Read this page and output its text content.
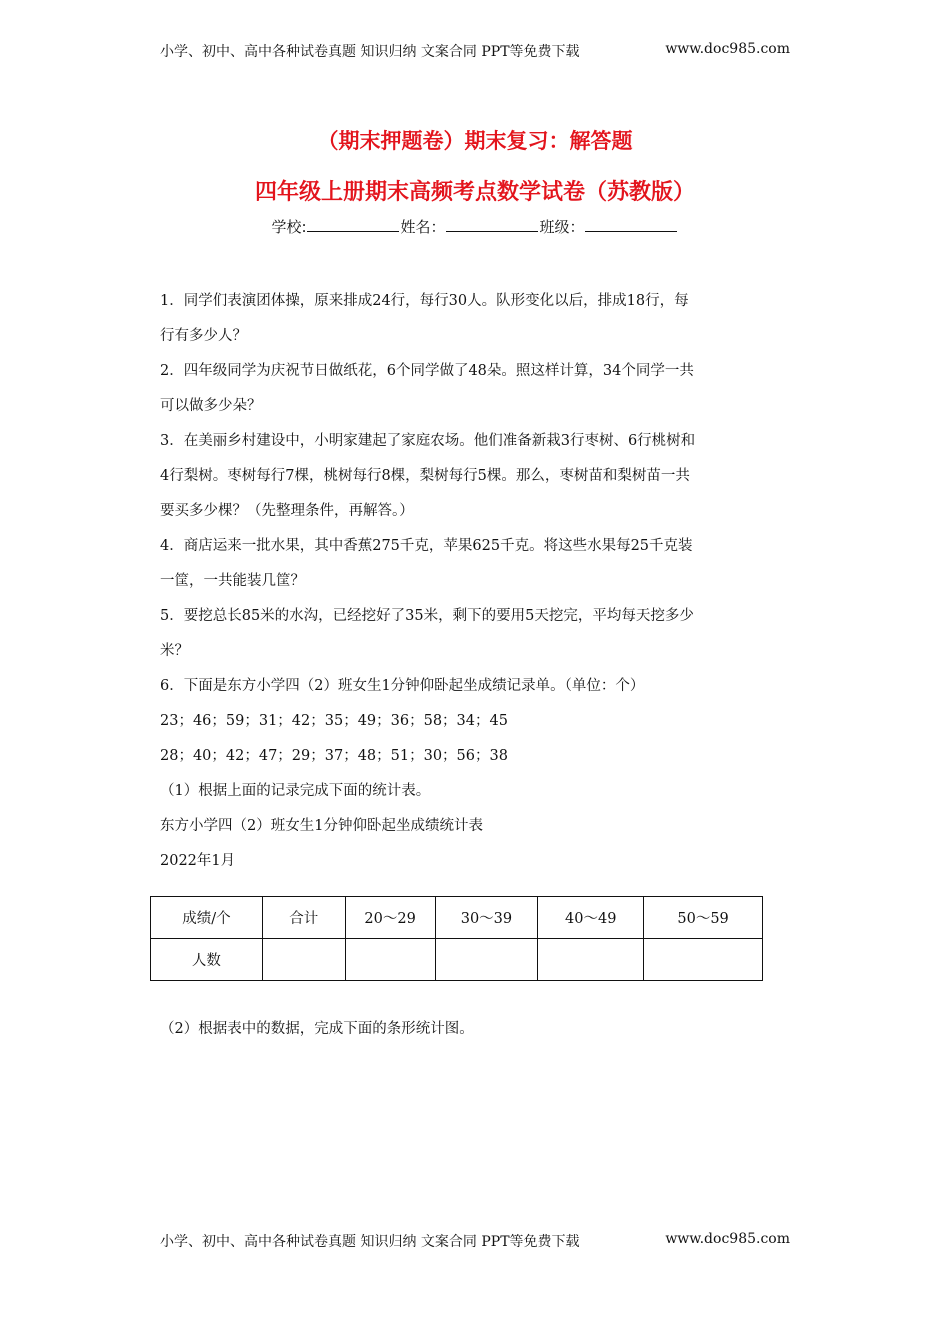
小学、初中、高中各种试卷真题 知识归纳 文案合同 PPT等免费下载	www.doc985.com
（期末押题卷）期末复习：解答题
四年级上册期末高频考点数学试卷（苏教版）
学校:	姓名：	班级：
1．同学们表演团体操，原来排成24行，每行30人。队形变化以后，排成18行，每
行有多少人？
2．四年级同学为庆祝节日做纸花，6个同学做了48朵。照这样计算，34个同学一共
可以做多少朵？
3．在美丽乡村建设中，小明家建起了家庭农场。他们准备新栽3行枣树、6行桃树和
4行梨树。枣树每行7棵，桃树每行8棵，梨树每行5棵。那么，枣树苗和梨树苗一共
要买多少棵？（先整理条件，再解答。）
4．商店运来一批水果，其中香蕉275千克，苹果625千克。将这些水果每25千克装
一筐，一共能装几筐？
5．要挖总长85米的水沟，已经挖好了35米，剩下的要用5天挖完，平均每天挖多少
米？
6．下面是东方小学四（2）班女生1分钟仰卧起坐成绩记录单。（单位：个）
23；46；59；31；42；35；49；36；58；34；45
28；40；42；47；29；37；48；51；30；56；38
（1）根据上面的记录完成下面的统计表。
东方小学四（2）班女生1分钟仰卧起坐成绩统计表
2022年1月
成绩/个	合计	20～29	30～39	40～49	50～59
人数					
（2）根据表中的数据，完成下面的条形统计图。
小学、初中、高中各种试卷真题 知识归纳 文案合同 PPT等免费下载	www.doc985.com
